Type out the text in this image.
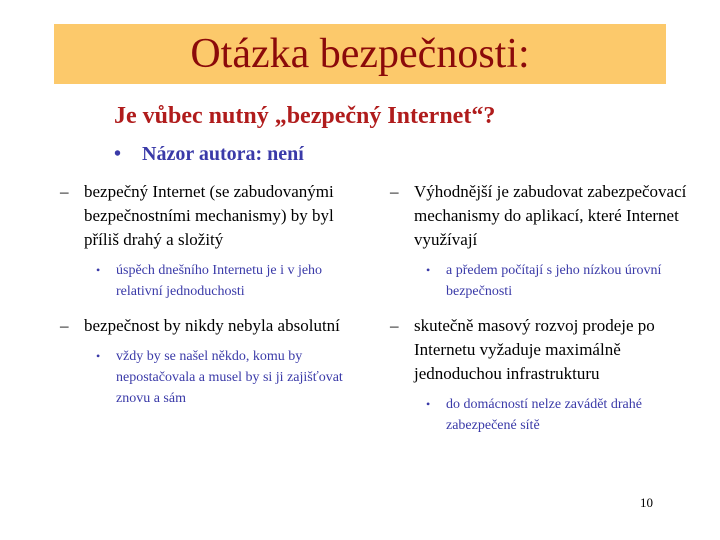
Otázka bezpečnosti:
Je vůbec nutný „bezpečný Internet“?
• Názor autora: není
– bezpečný Internet (se zabudovanými bezpečnostními mechanismy) by byl příliš drahý a složitý
• úspěch dnešního Internetu je i v jeho relativní jednoduchosti
– bezpečnost by nikdy nebyla absolutní
• vždy by se našel někdo, komu by nepostačovala a musel by si ji zajišťovat znovu a sám
– Výhodnější je zabudovat zabezpečovací mechanismy do aplikací, které Internet využívají
• a předem počítají s jeho nízkou úrovní bezpečnosti
– skutečně masový rozvoj prodeje po Internetu vyžaduje maximálně jednoduchou infrastrukturu
• do domácností nelze zavádět drahé zabezpečené sítě
10
